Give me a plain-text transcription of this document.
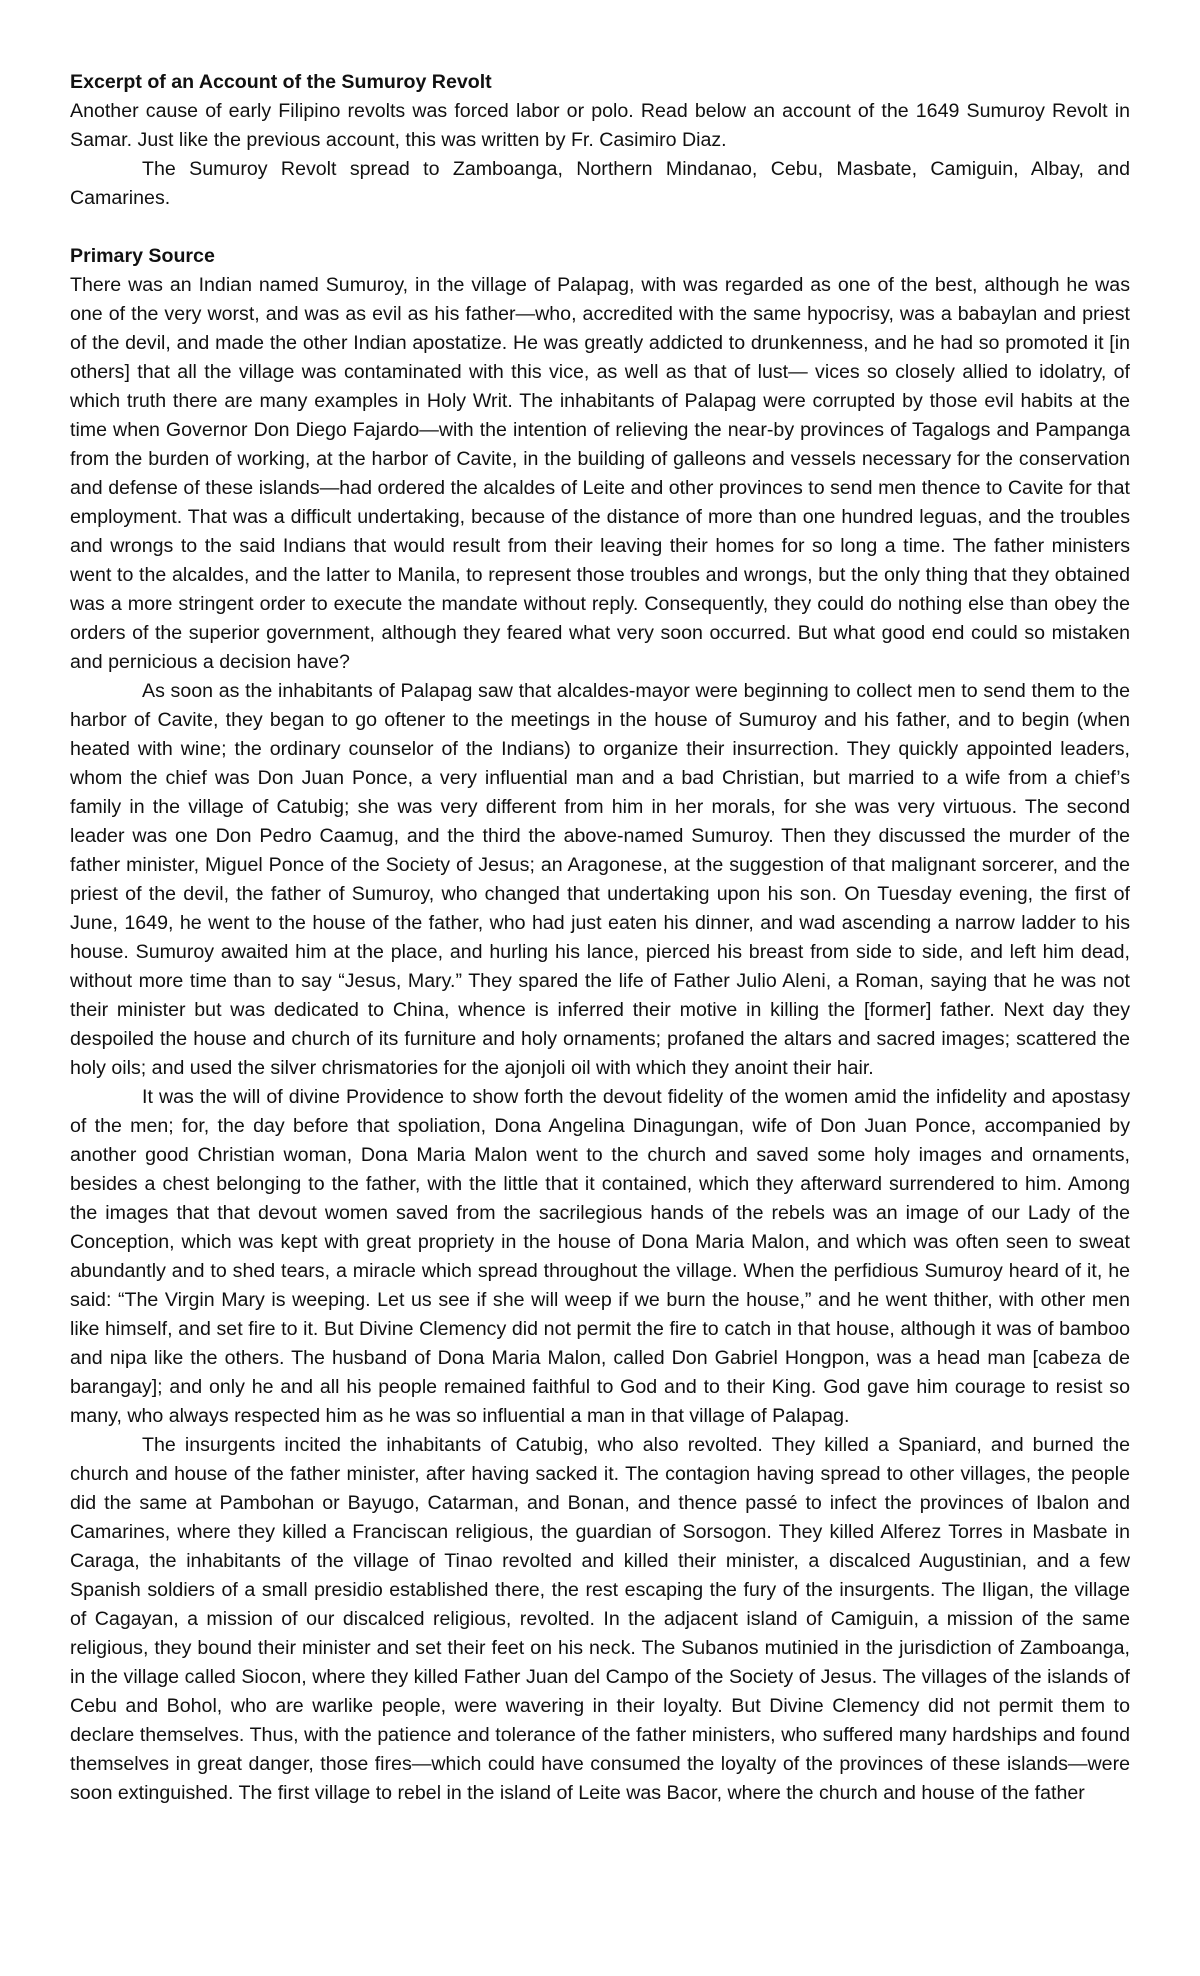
Excerpt of an Account of the Sumuroy Revolt

Another cause of early Filipino revolts was forced labor or polo. Read below an account of the 1649 Sumuroy Revolt in Samar. Just like the previous account, this was written by Fr. Casimiro Diaz.

The Sumuroy Revolt spread to Zamboanga, Northern Mindanao, Cebu, Masbate, Camiguin, Albay, and Camarines.

Primary Source

There was an Indian named Sumuroy, in the village of Palapag, with was regarded as one of the best, although he was one of the very worst, and was as evil as his father—who, accredited with the same hypocrisy, was a babaylan and priest of the devil, and made the other Indian apostatize. He was greatly addicted to drunkenness, and he had so promoted it [in others] that all the village was contaminated with this vice, as well as that of lust— vices so closely allied to idolatry, of which truth there are many examples in Holy Writ. The inhabitants of Palapag were corrupted by those evil habits at the time when Governor Don Diego Fajardo—with the intention of relieving the near-by provinces of Tagalogs and Pampanga from the burden of working, at the harbor of Cavite, in the building of galleons and vessels necessary for the conservation and defense of these islands—had ordered the alcaldes of Leite and other provinces to send men thence to Cavite for that employment. That was a difficult undertaking, because of the distance of more than one hundred leguas, and the troubles and wrongs to the said Indians that would result from their leaving their homes for so long a time. The father ministers went to the alcaldes, and the latter to Manila, to represent those troubles and wrongs, but the only thing that they obtained was a more stringent order to execute the mandate without reply. Consequently, they could do nothing else than obey the orders of the superior government, although they feared what very soon occurred. But what good end could so mistaken and pernicious a decision have?

As soon as the inhabitants of Palapag saw that alcaldes-mayor were beginning to collect men to send them to the harbor of Cavite, they began to go oftener to the meetings in the house of Sumuroy and his father, and to begin (when heated with wine; the ordinary counselor of the Indians) to organize their insurrection. They quickly appointed leaders, whom the chief was Don Juan Ponce, a very influential man and a bad Christian, but married to a wife from a chief’s family in the village of Catubig; she was very different from him in her morals, for she was very virtuous. The second leader was one Don Pedro Caamug, and the third the above-named Sumuroy. Then they discussed the murder of the father minister, Miguel Ponce of the Society of Jesus; an Aragonese, at the suggestion of that malignant sorcerer, and the priest of the devil, the father of Sumuroy, who changed that undertaking upon his son. On Tuesday evening, the first of June, 1649, he went to the house of the father, who had just eaten his dinner, and wad ascending a narrow ladder to his house. Sumuroy awaited him at the place, and hurling his lance, pierced his breast from side to side, and left him dead, without more time than to say “Jesus, Mary.” They spared the life of Father Julio Aleni, a Roman, saying that he was not their minister but was dedicated to China, whence is inferred their motive in killing the [former] father. Next day they despoiled the house and church of its furniture and holy ornaments; profaned the altars and sacred images; scattered the holy oils; and used the silver chrismatories for the ajonjoli oil with which they anoint their hair.

It was the will of divine Providence to show forth the devout fidelity of the women amid the infidelity and apostasy of the men; for, the day before that spoliation, Dona Angelina Dinagungan, wife of Don Juan Ponce, accompanied by another good Christian woman, Dona Maria Malon went to the church and saved some holy images and ornaments, besides a chest belonging to the father, with the little that it contained, which they afterward surrendered to him. Among the images that that devout women saved from the sacrilegious hands of the rebels was an image of our Lady of the Conception, which was kept with great propriety in the house of Dona Maria Malon, and which was often seen to sweat abundantly and to shed tears, a miracle which spread throughout the village. When the perfidious Sumuroy heard of it, he said: “The Virgin Mary is weeping. Let us see if she will weep if we burn the house,” and he went thither, with other men like himself, and set fire to it. But Divine Clemency did not permit the fire to catch in that house, although it was of bamboo and nipa like the others. The husband of Dona Maria Malon, called Don Gabriel Hongpon, was a head man [cabeza de barangay]; and only he and all his people remained faithful to God and to their King. God gave him courage to resist so many, who always respected him as he was so influential a man in that village of Palapag.

The insurgents incited the inhabitants of Catubig, who also revolted. They killed a Spaniard, and burned the church and house of the father minister, after having sacked it. The contagion having spread to other villages, the people did the same at Pambohan or Bayugo, Catarman, and Bonan, and thence passé to infect the provinces of Ibalon and Camarines, where they killed a Franciscan religious, the guardian of Sorsogon. They killed Alferez Torres in Masbate in Caraga, the inhabitants of the village of Tinao revolted and killed their minister, a discalced Augustinian, and a few Spanish soldiers of a small presidio established there, the rest escaping the fury of the insurgents. The Iligan, the village of Cagayan, a mission of our discalced religious, revolted. In the adjacent island of Camiguin, a mission of the same religious, they bound their minister and set their feet on his neck. The Subanos mutinied in the jurisdiction of Zamboanga, in the village called Siocon, where they killed Father Juan del Campo of the Society of Jesus. The villages of the islands of Cebu and Bohol, who are warlike people, were wavering in their loyalty. But Divine Clemency did not permit them to declare themselves. Thus, with the patience and tolerance of the father ministers, who suffered many hardships and found themselves in great danger, those fires—which could have consumed the loyalty of the provinces of these islands—were soon extinguished. The first village to rebel in the island of Leite was Bacor, where the church and house of the father
